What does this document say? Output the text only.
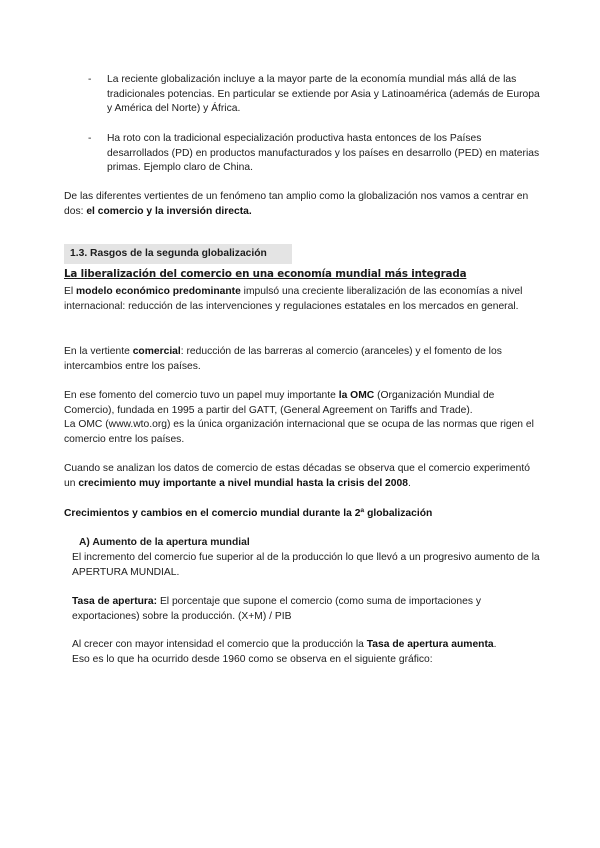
- La reciente globalización incluye a la mayor parte de la economía mundial más allá de las tradicionales potencias. En particular se extiende por Asia y Latinoamérica (además de Europa y América del Norte) y África.
- Ha roto con la tradicional especialización productiva hasta entonces de los Países desarrollados (PD) en productos manufacturados y los países en desarrollo (PED) en materias primas. Ejemplo claro de China.

De las diferentes vertientes de un fenómeno tan amplio como la globalización nos vamos a centrar en dos: el comercio y la inversión directa.

1.3. Rasgos de la segunda globalización
La liberalización del comercio en una economía mundial más integrada

El modelo económico predominante impulsó una creciente liberalización de las economías a nivel internacional: reducción de las intervenciones y regulaciones estatales en los mercados en general.

En la vertiente comercial: reducción de las barreras al comercio (aranceles) y el fomento de los intercambios entre los países.

En ese fomento del comercio tuvo un papel muy importante la OMC (Organización Mundial de Comercio), fundada en 1995 a partir del GATT, (General Agreement on Tariffs and Trade).
La OMC (www.wto.org) es la única organización internacional que se ocupa de las normas que rigen el comercio entre los países.

Cuando se analizan los datos de comercio de estas décadas se observa que el comercio experimentó un crecimiento muy importante a nivel mundial hasta la crisis del 2008.

Crecimientos y cambios en el comercio mundial durante la 2ª globalización

A) Aumento de la apertura mundial

El incremento del comercio fue superior al de la producción lo que llevó a un progresivo aumento de la APERTURA MUNDIAL.

Tasa de apertura: El porcentaje que supone el comercio (como suma de importaciones y exportaciones) sobre la producción. (X+M) / PIB

Al crecer con mayor intensidad el comercio que la producción la Tasa de apertura aumenta.
Eso es lo que ha ocurrido desde 1960 como se observa en el siguiente gráfico:
